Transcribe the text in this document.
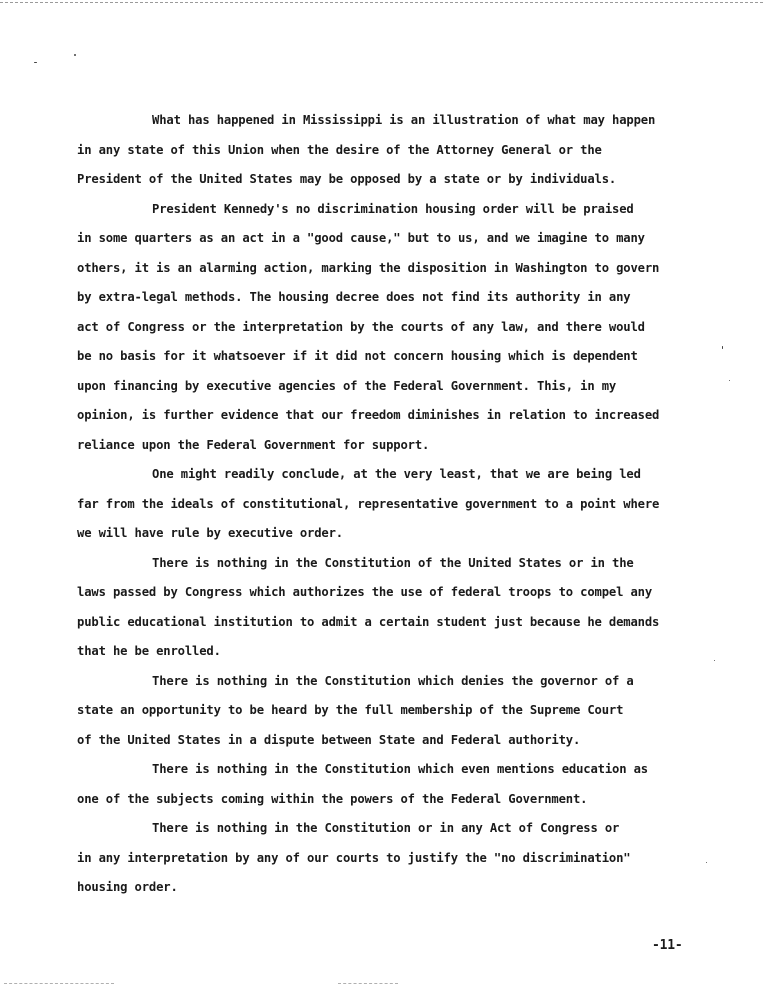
What has happened in Mississippi is an illustration of what may happen
in any state of this Union when the desire of the Attorney General or the
President of the United States may be opposed by a state or by individuals.
President Kennedy's no discrimination housing order will be praised
in some quarters as an act in a "good cause," but to us, and we imagine to many
others, it is an alarming action, marking the disposition in Washington to govern
by extra-legal methods. The housing decree does not find its authority in any
act of Congress or the interpretation by the courts of any law, and there would
be no basis for it whatsoever if it did not concern housing which is dependent
upon financing by executive agencies of the Federal Government. This, in my
opinion, is further evidence that our freedom diminishes in relation to increased
reliance upon the Federal Government for support.
One might readily conclude, at the very least, that we are being led
far from the ideals of constitutional, representative government to a point where
we will have rule by executive order.
There is nothing in the Constitution of the United States or in the
laws passed by Congress which authorizes the use of federal troops to compel any
public educational institution to admit a certain student just because he demands
that he be enrolled.
There is nothing in the Constitution which denies the governor of a
state an opportunity to be heard by the full membership of the Supreme Court
of the United States in a dispute between State and Federal authority.
There is nothing in the Constitution which even mentions education as
one of the subjects coming within the powers of the Federal Government.
There is nothing in the Constitution or in any Act of Congress or
in any interpretation by any of our courts to justify the "no discrimination"
housing order.
-11-
